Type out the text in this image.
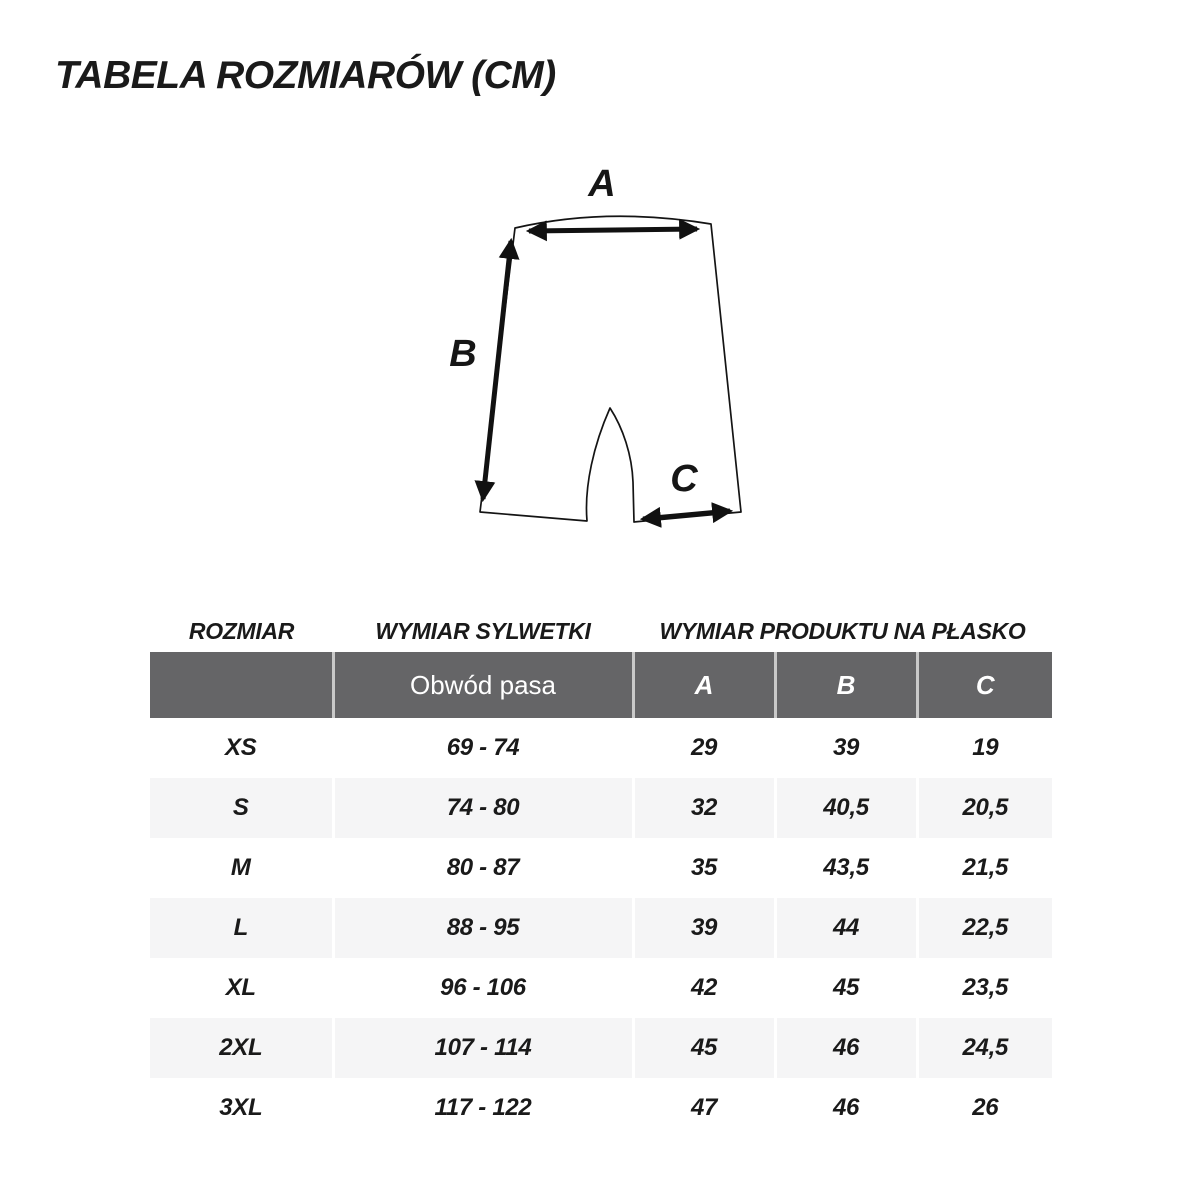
TABELA ROZMIARÓW (CM)
A
B
C
ROZMIAR	WYMIAR SYLWETKI	WYMIAR PRODUKTU NA PŁASKO
	Obwód pasa	A	B	C
XS	69 - 74	29	39	19
S	74 - 80	32	40,5	20,5
M	80 - 87	35	43,5	21,5
L	88 - 95	39	44	22,5
XL	96 - 106	42	45	23,5
2XL	107 - 114	45	46	24,5
3XL	117 - 122	47	46	26
